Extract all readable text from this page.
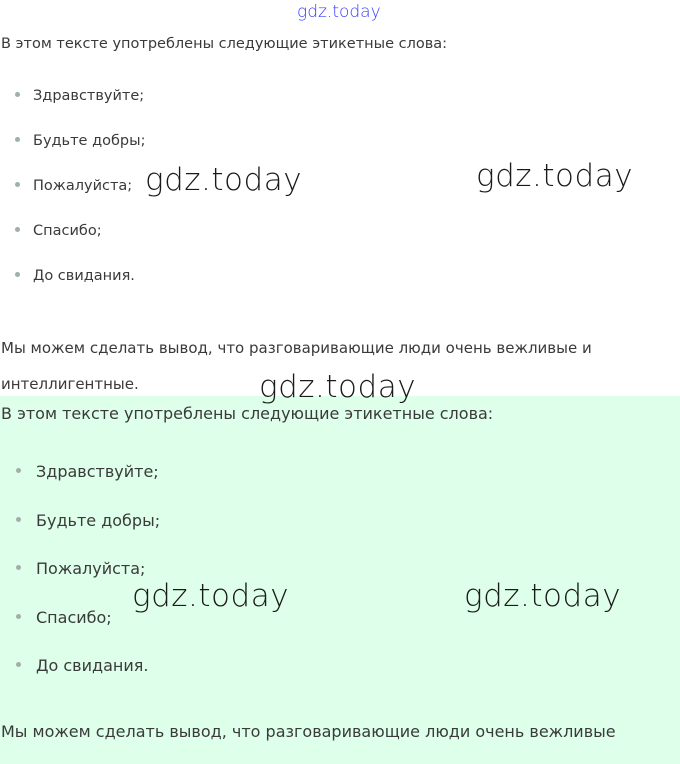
В этом тексте употреблены следующие этикетные слова:

Здравствуйте;
Будьте добры;
Пожалуйста;
Спасибо;
До свидания.

Мы можем сделать вывод, что разговаривающие люди очень вежливые и
интеллигентные.

В этом тексте употреблены следующие этикетные слова:

Здравствуйте;
Будьте добры;
Пожалуйста;
Спасибо;
До свидания.

Мы можем сделать вывод, что разговаривающие люди очень вежливые

gdz.today
gdz.today	gdz.today
gdz.today
gdz.today	gdz.today
